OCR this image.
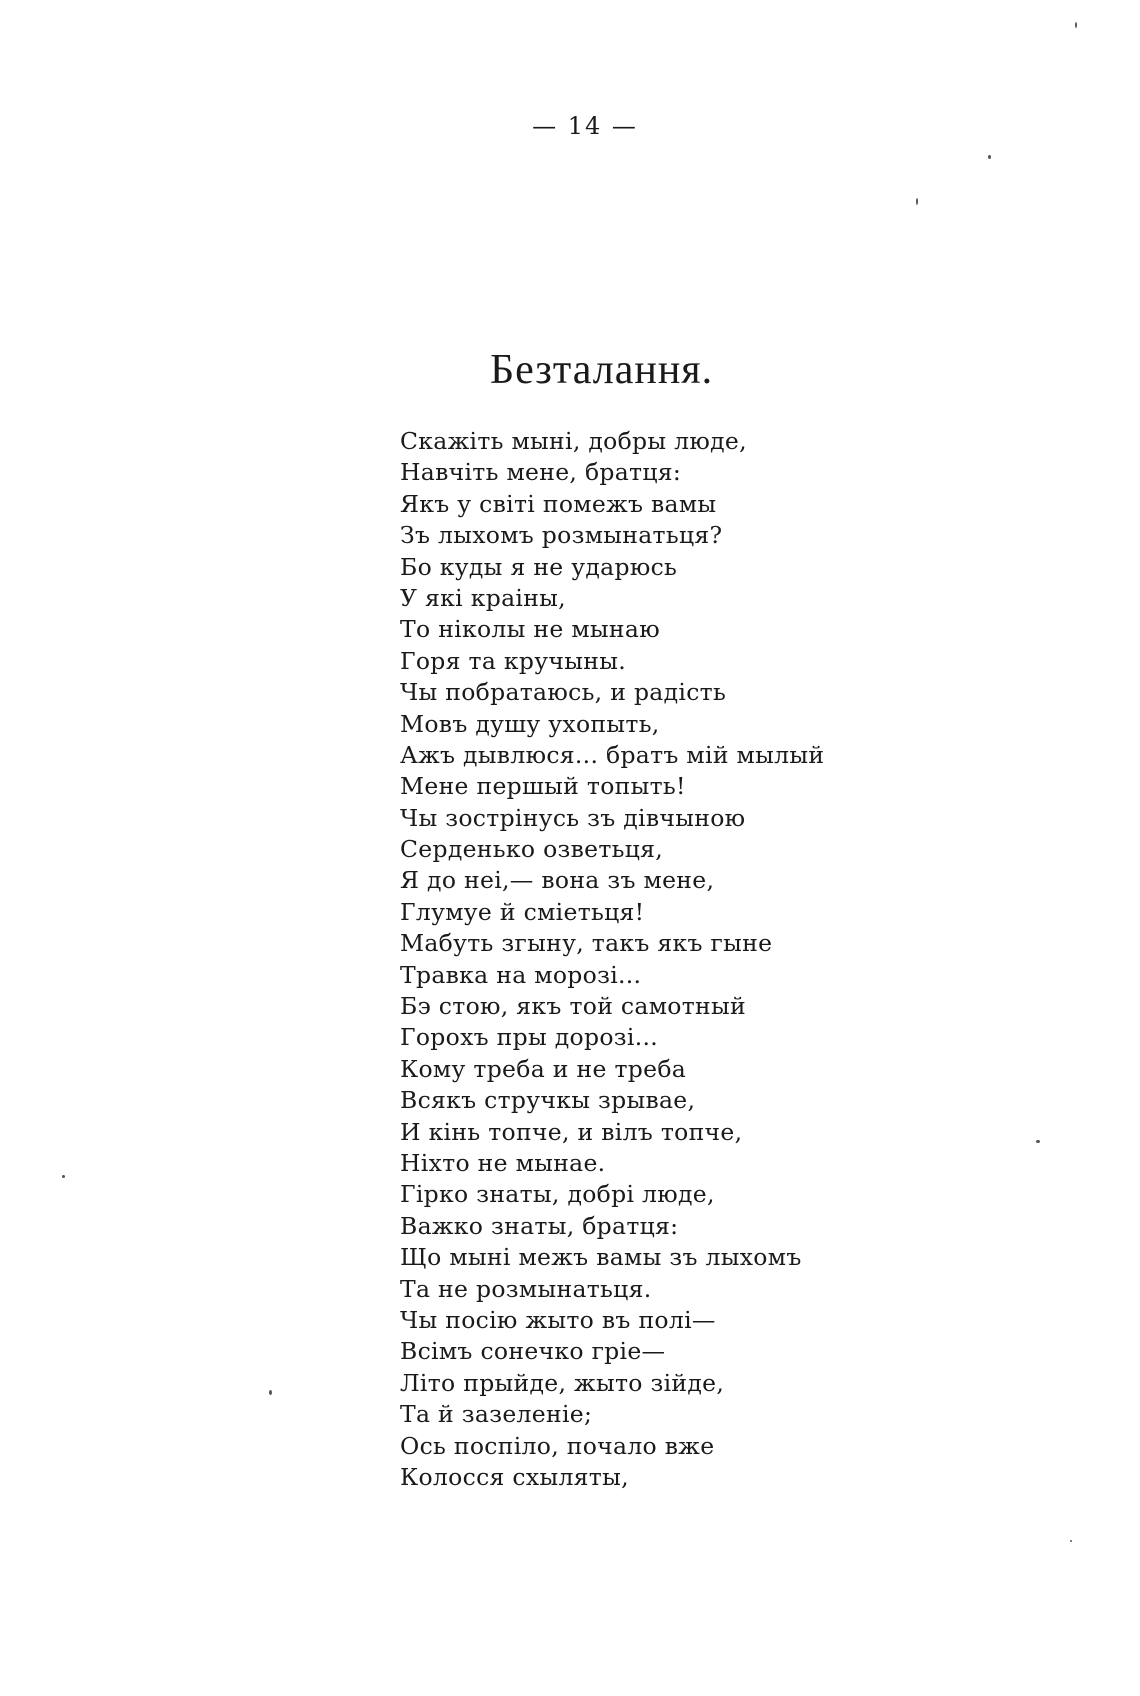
— 14 —
Безталання.
Скажіть мыні, добры люде,
Навчіть мене, братця:
Якъ у світі помежъ вамы
Зъ лыхомъ розмынатьця?
Бо куды я не ударюсь
У які краіны,
То ніколы не мынаю
Горя та кручыны.
Чы побратаюсь, и радість
Мовъ душу ухопыть,
Ажъ дывлюся... братъ мій мылый
Мене першый топыть!
Чы зострінусь зъ дівчыною
Серденько озветьця,
Я до неі,— вона зъ мене,
Глумуе й сміетьця!
Мабуть згыну, такъ якъ гыне
Травка на морозі...
Бэ стою, якъ той самотный
Горохъ пры дорозі...
Кому треба и не треба
Всякъ стручкы зрывае,
И кінь топче, и вілъ топче,
Ніхто не мынае.
Гірко знаты, добрі люде,
Важко знаты, братця:
Що мыні межъ вамы зъ лыхомъ
Та не розмынатьця.
Чы посію жыто въ полі—
Всімъ сонечко гріе—
Літо прыйде, жыто зійде,
Та й зазеленіе;
Ось поспіло, почало вже
Колосся схыляты,
